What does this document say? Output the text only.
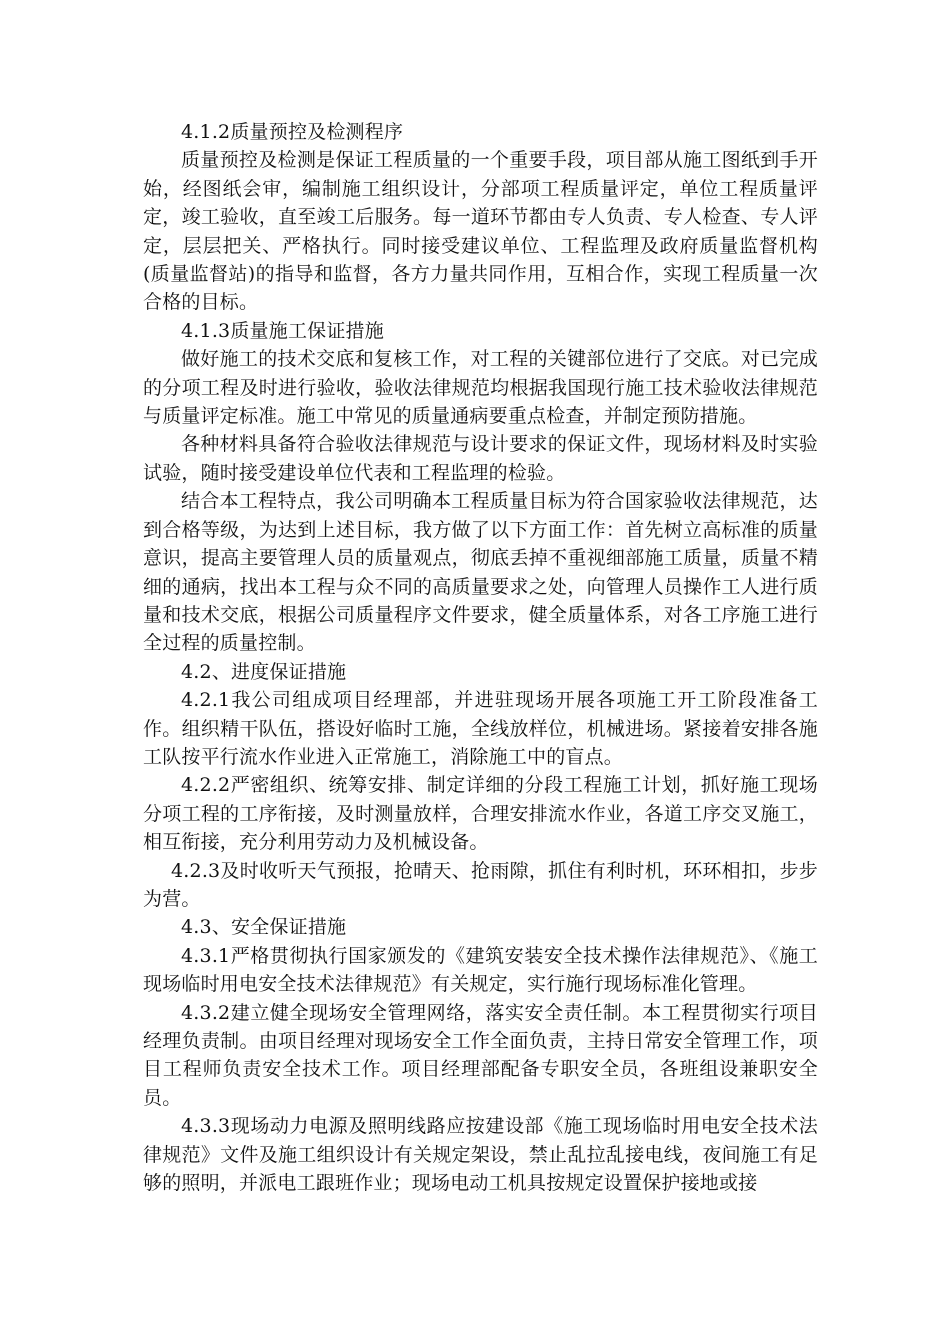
4.1.2质量预控及检测程序

质量预控及检测是保证工程质量的一个重要手段，项目部从施工图纸到手开始，经图纸会审，编制施工组织设计，分部项工程质量评定，单位工程质量评定，竣工验收，直至竣工后服务。每一道环节都由专人负责、专人检查、专人评定，层层把关、严格执行。同时接受建议单位、工程监理及政府质量监督机构(质量监督站)的指导和监督，各方力量共同作用，互相合作，实现工程质量一次合格的目标。

4.1.3质量施工保证措施

做好施工的技术交底和复核工作，对工程的关键部位进行了交底。对已完成的分项工程及时进行验收，验收法律规范均根据我国现行施工技术验收法律规范与质量评定标准。施工中常见的质量通病要重点检查，并制定预防措施。

各种材料具备符合验收法律规范与设计要求的保证文件，现场材料及时实验试验，随时接受建设单位代表和工程监理的检验。

结合本工程特点，我公司明确本工程质量目标为符合国家验收法律规范，达到合格等级，为达到上述目标，我方做了以下方面工作：首先树立高标准的质量意识，提高主要管理人员的质量观点，彻底丢掉不重视细部施工质量，质量不精细的通病，找出本工程与众不同的高质量要求之处，向管理人员操作工人进行质量和技术交底，根据公司质量程序文件要求，健全质量体系，对各工序施工进行全过程的质量控制。

4.2、进度保证措施

4.2.1我公司组成项目经理部，并进驻现场开展各项施工开工阶段准备工作。组织精干队伍，搭设好临时工施，全线放样位，机械进场。紧接着安排各施工队按平行流水作业进入正常施工，消除施工中的盲点。

4.2.2严密组织、统筹安排、制定详细的分段工程施工计划，抓好施工现场分项工程的工序衔接，及时测量放样，合理安排流水作业，各道工序交叉施工，相互衔接，充分利用劳动力及机械设备。

4.2.3及时收听天气预报，抢晴天、抢雨隙，抓住有利时机，环环相扣，步步为营。

4.3、安全保证措施

4.3.1严格贯彻执行国家颁发的《建筑安装安全技术操作法律规范》、《施工现场临时用电安全技术法律规范》有关规定，实行施行现场标准化管理。

4.3.2建立健全现场安全管理网络，落实安全责任制。本工程贯彻实行项目经理负责制。由项目经理对现场安全工作全面负责，主持日常安全管理工作，项目工程师负责安全技术工作。项目经理部配备专职安全员，各班组设兼职安全员。

4.3.3现场动力电源及照明线路应按建设部《施工现场临时用电安全技术法律规范》文件及施工组织设计有关规定架设，禁止乱拉乱接电线，夜间施工有足够的照明，并派电工跟班作业；现场电动工机具按规定设置保护接地或接
